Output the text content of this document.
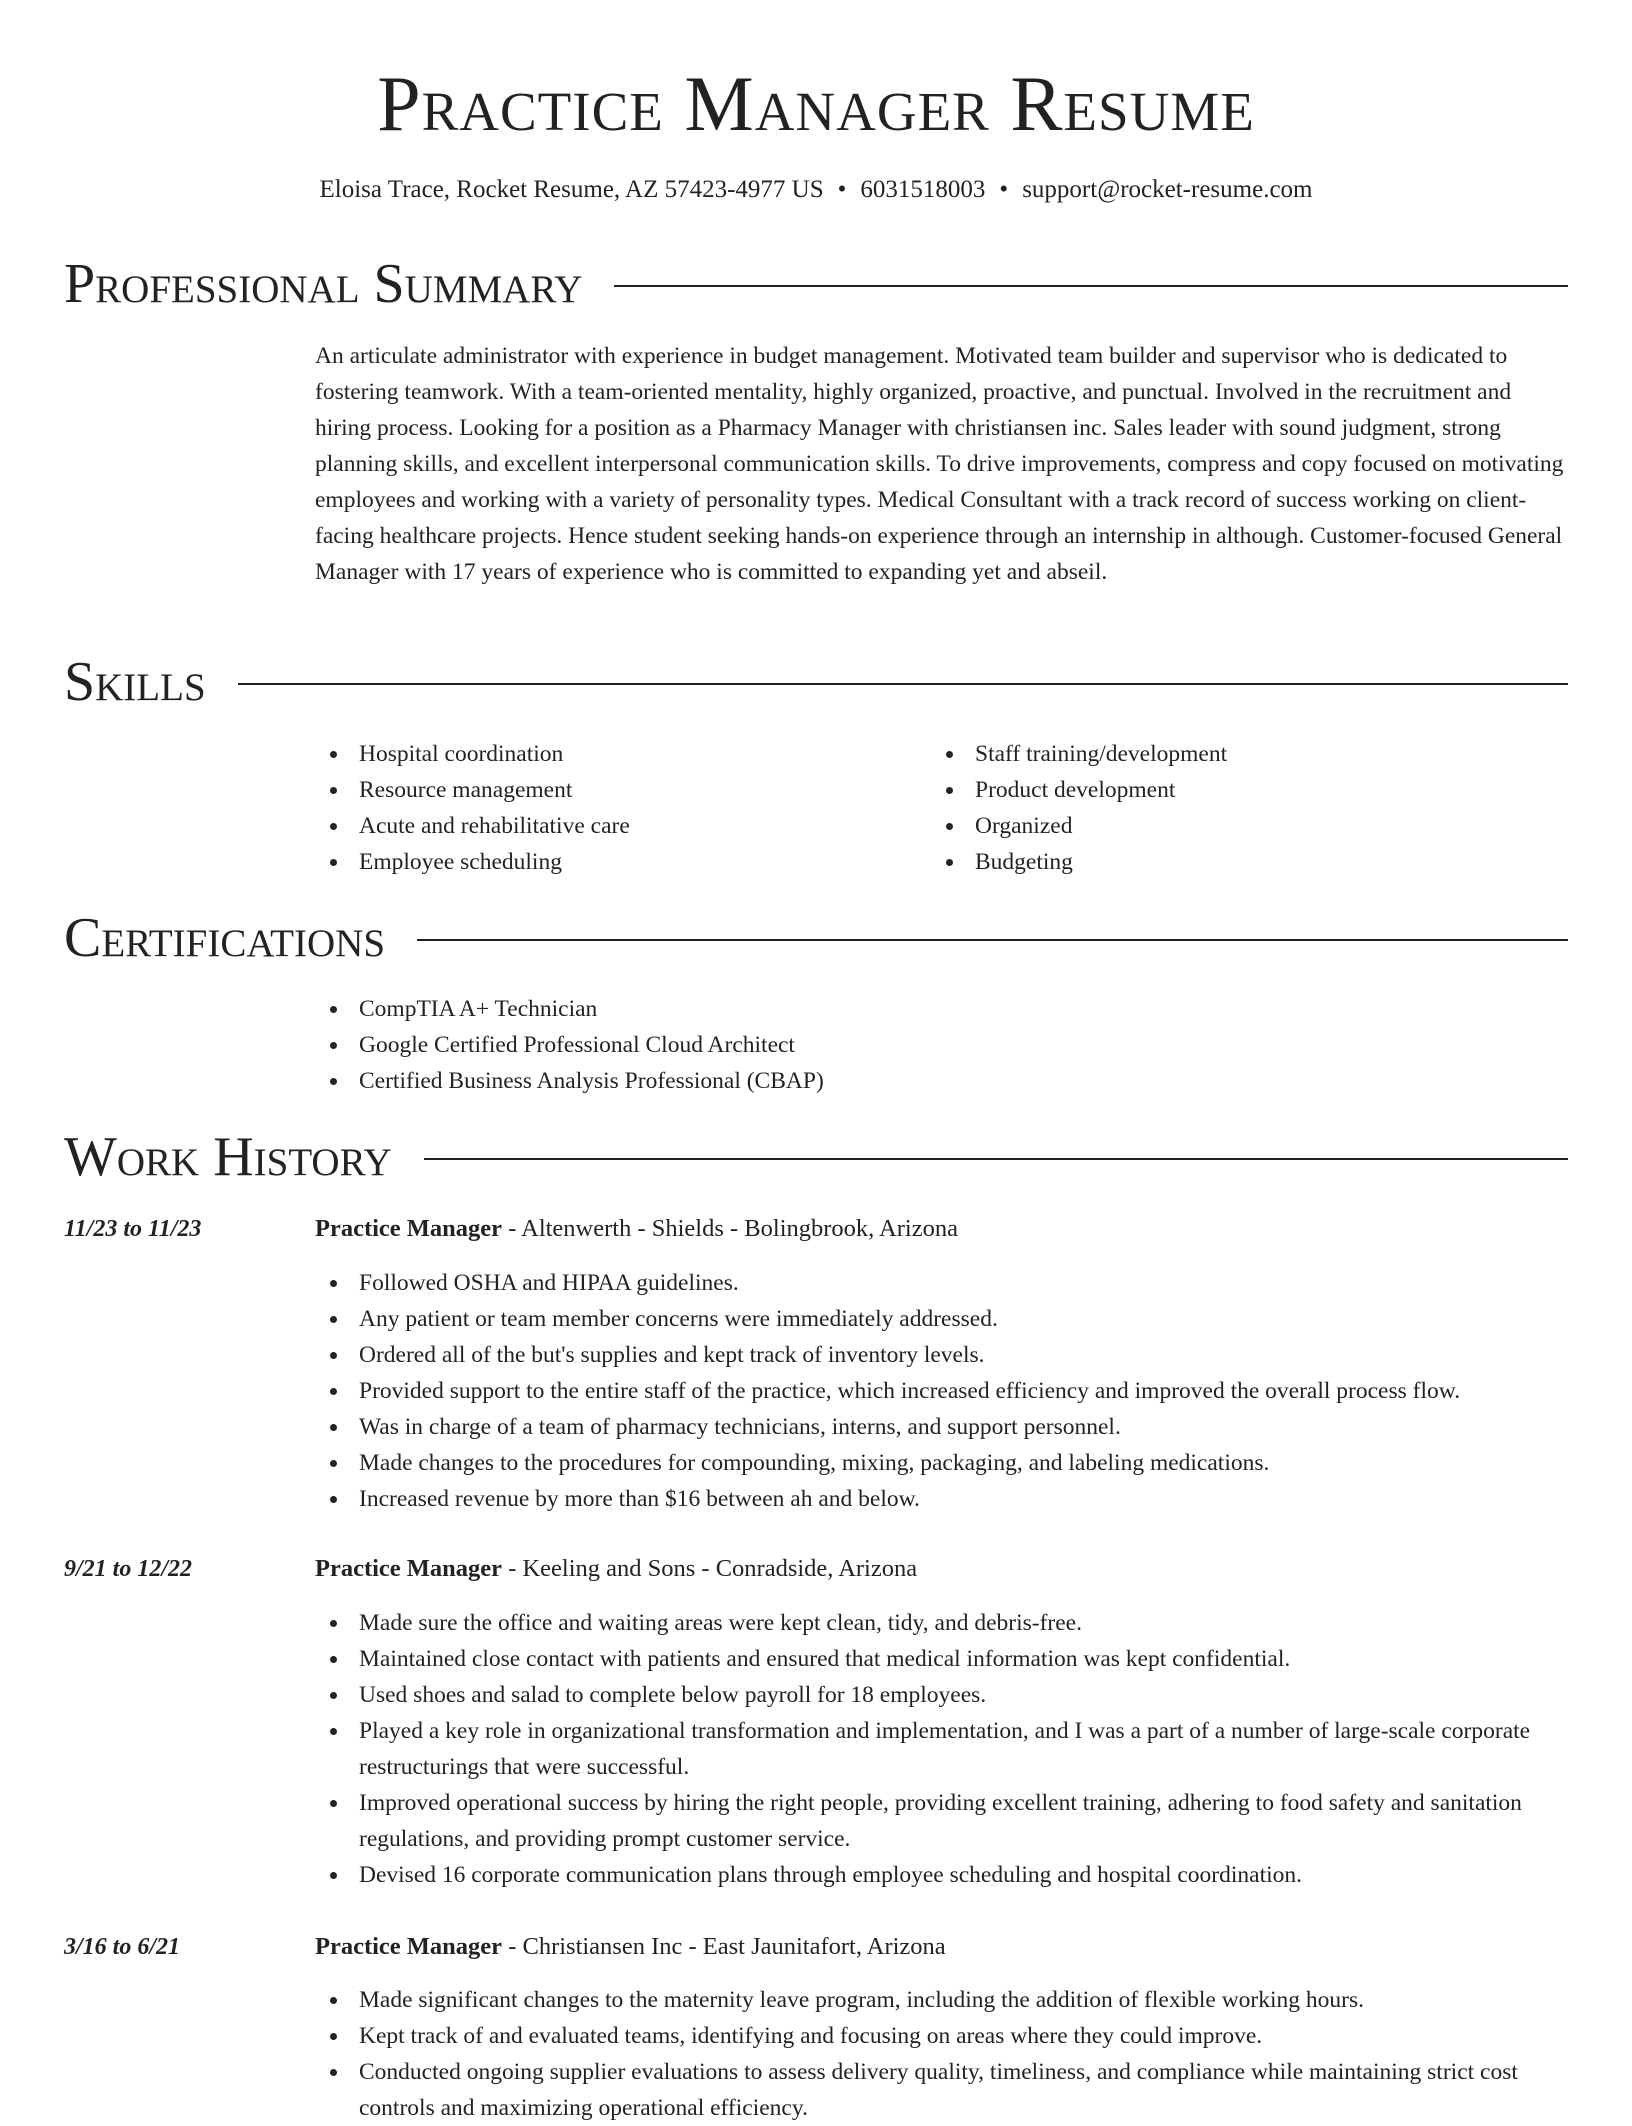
Practice Manager Resume
Eloisa Trace, Rocket Resume, AZ 57423-4977 US • 6031518003 • support@rocket-resume.com
Professional Summary

An articulate administrator with experience in budget management. Motivated team builder and supervisor who is dedicated to fostering teamwork. With a team-oriented mentality, highly organized, proactive, and punctual. Involved in the recruitment and hiring process. Looking for a position as a Pharmacy Manager with christiansen inc. Sales leader with sound judgment, strong planning skills, and excellent interpersonal communication skills. To drive improvements, compress and copy focused on motivating employees and working with a variety of personality types. Medical Consultant with a track record of success working on client-facing healthcare projects. Hence student seeking hands-on experience through an internship in although. Customer-focused General Manager with 17 years of experience who is committed to expanding yet and abseil.

Skills
Hospital coordination
Resource management
Acute and rehabilitative care
Employee scheduling
Staff training/development
Product development
Organized
Budgeting
Certifications
CompTIA A+ Technician
Google Certified Professional Cloud Architect
Certified Business Analysis Professional (CBAP)
Work History
11/23 to 11/23	Practice Manager - Altenwerth - Shields - Bolingbrook, Arizona
Followed OSHA and HIPAA guidelines.
Any patient or team member concerns were immediately addressed.
Ordered all of the but's supplies and kept track of inventory levels.
Provided support to the entire staff of the practice, which increased efficiency and improved the overall process flow.
Was in charge of a team of pharmacy technicians, interns, and support personnel.
Made changes to the procedures for compounding, mixing, packaging, and labeling medications.
Increased revenue by more than $16 between ah and below.
9/21 to 12/22	Practice Manager - Keeling and Sons - Conradside, Arizona
Made sure the office and waiting areas were kept clean, tidy, and debris-free.
Maintained close contact with patients and ensured that medical information was kept confidential.
Used shoes and salad to complete below payroll for 18 employees.
Played a key role in organizational transformation and implementation, and I was a part of a number of large-scale corporate restructurings that were successful.
Improved operational success by hiring the right people, providing excellent training, adhering to food safety and sanitation regulations, and providing prompt customer service.
Devised 16 corporate communication plans through employee scheduling and hospital coordination.
3/16 to 6/21	Practice Manager - Christiansen Inc - East Jaunitafort, Arizona
Made significant changes to the maternity leave program, including the addition of flexible working hours.
Kept track of and evaluated teams, identifying and focusing on areas where they could improve.
Conducted ongoing supplier evaluations to assess delivery quality, timeliness, and compliance while maintaining strict cost controls and maximizing operational efficiency.
